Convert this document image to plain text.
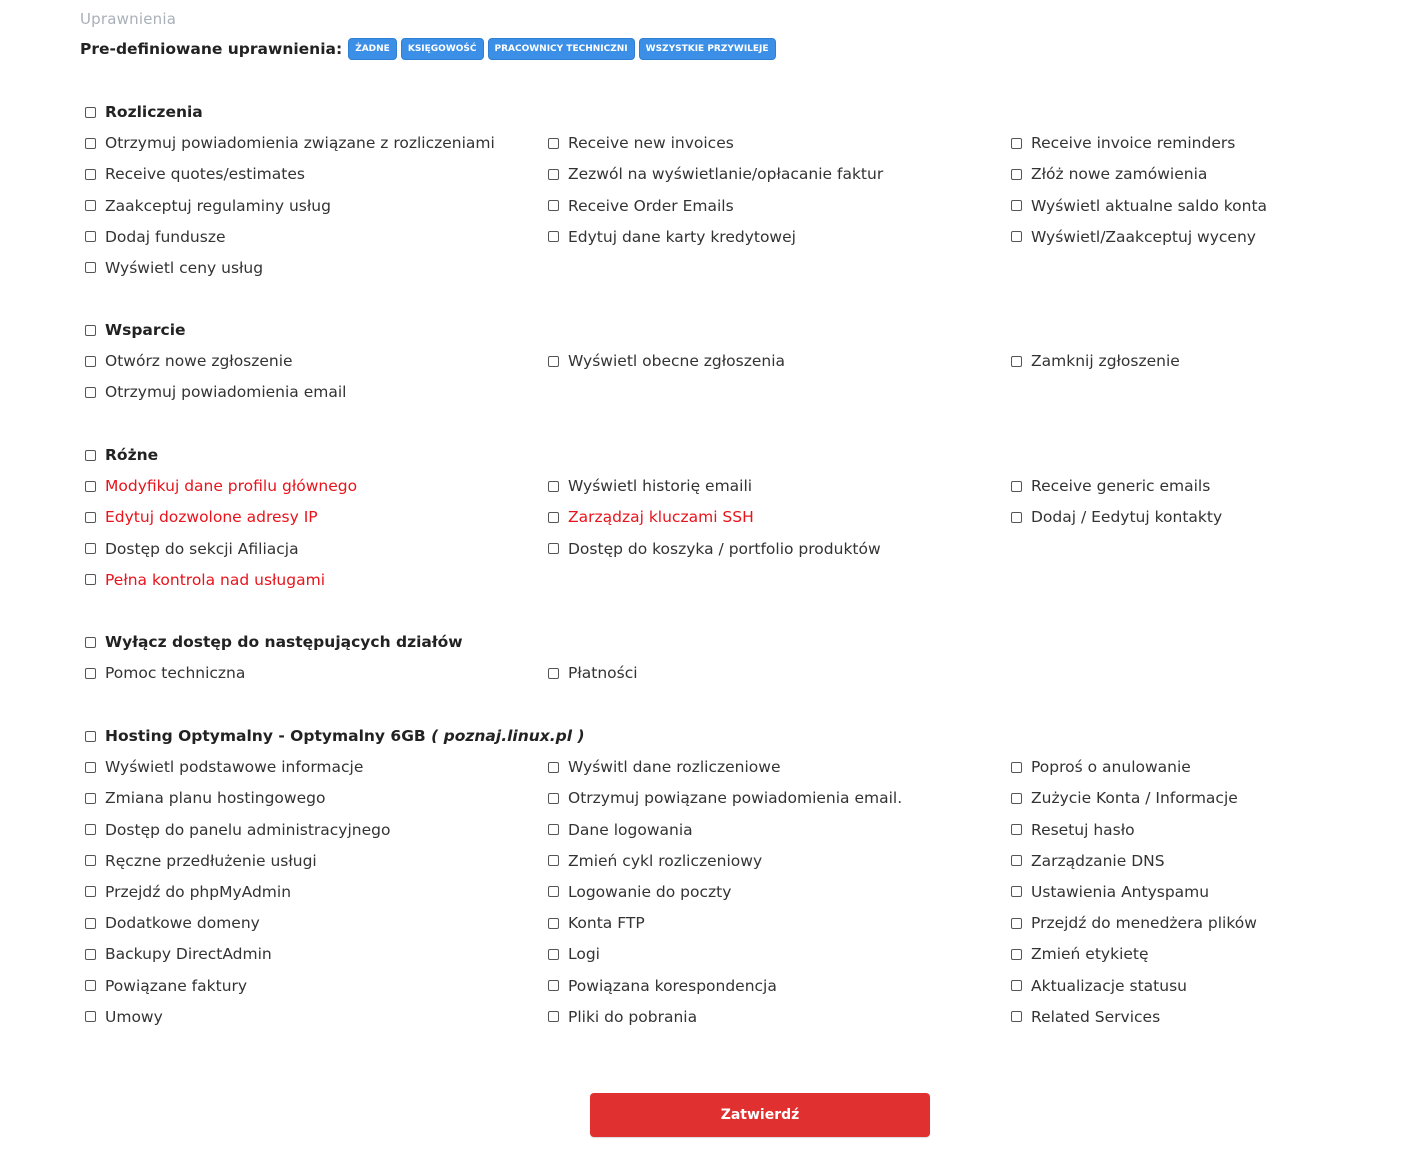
Uprawnienia
Pre-definiowane uprawnienia:	ŻADNE	KSIĘGOWOŚĆ	PRACOWNICY TECHNICZNI	WSZYSTKIE PRZYWILEJE
Rozliczenia
Otrzymuj powiadomienia związane z rozliczeniami	Receive new invoices	Receive invoice reminders
Receive quotes/estimates	Zezwól na wyświetlanie/opłacanie faktur	Złóż nowe zamówienia
Zaakceptuj regulaminy usług	Receive Order Emails	Wyświetl aktualne saldo konta
Dodaj fundusze	Edytuj dane karty kredytowej	Wyświetl/Zaakceptuj wyceny
Wyświetl ceny usług
Wsparcie
Otwórz nowe zgłoszenie	Wyświetl obecne zgłoszenia	Zamknij zgłoszenie
Otrzymuj powiadomienia email
Różne
Modyfikuj dane profilu głównego	Wyświetl historię emaili	Receive generic emails
Edytuj dozwolone adresy IP	Zarządzaj kluczami SSH	Dodaj / Eedytuj kontakty
Dostęp do sekcji Afiliacja	Dostęp do koszyka / portfolio produktów
Pełna kontrola nad usługami
Wyłącz dostęp do następujących działów
Pomoc techniczna	Płatności
Hosting Optymalny - Optymalny 6GB ( poznaj.linux.pl )
Wyświetl podstawowe informacje	Wyświtl dane rozliczeniowe	Poproś o anulowanie
Zmiana planu hostingowego	Otrzymuj powiązane powiadomienia email.	Zużycie Konta / Informacje
Dostęp do panelu administracyjnego	Dane logowania	Resetuj hasło
Ręczne przedłużenie usługi	Zmień cykl rozliczeniowy	Zarządzanie DNS
Przejdź do phpMyAdmin	Logowanie do poczty	Ustawienia Antyspamu
Dodatkowe domeny	Konta FTP	Przejdź do menedżera plików
Backupy DirectAdmin	Logi	Zmień etykietę
Powiązane faktury	Powiązana korespondencja	Aktualizacje statusu
Umowy	Pliki do pobrania	Related Services
Zatwierdź
